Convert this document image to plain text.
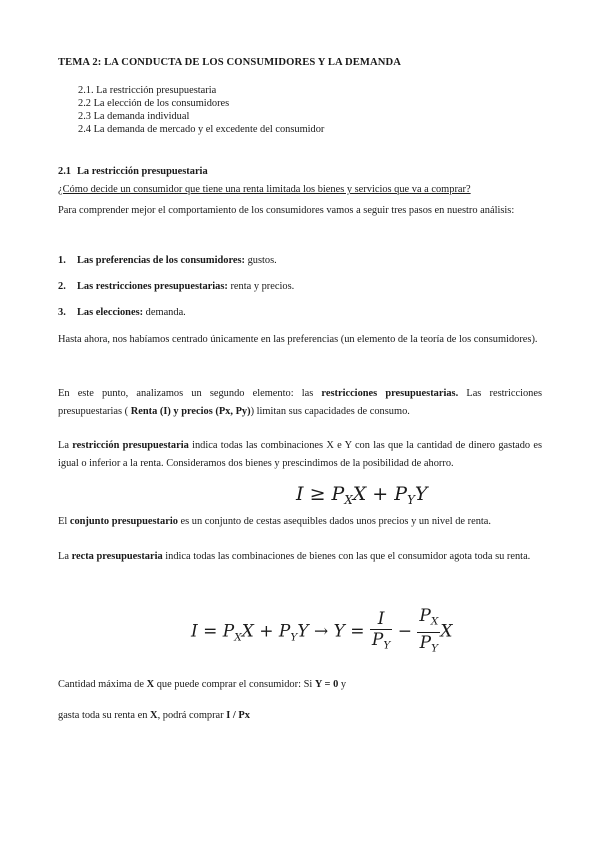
TEMA 2: LA CONDUCTA DE LOS CONSUMIDORES Y LA DEMANDA
2.1. La restricción presupuestaria
2.2 La elección de los consumidores
2.3 La demanda individual
2.4 La demanda de mercado y el excedente del consumidor
2.1 La restricción presupuestaria
¿Cómo decide un consumidor que tiene una renta limitada los bienes y servicios que va a comprar?

Para comprender mejor el comportamiento de los consumidores vamos a seguir tres pasos en nuestro análisis:

1. Las preferencias de los consumidores: gustos.
2. Las restricciones presupuestarias: renta y precios.
3. Las elecciones: demanda.

Hasta ahora, nos habíamos centrado únicamente en las preferencias (un elemento de la teoría de los consumidores).

En este punto, analizamos un segundo elemento: las restricciones presupuestarias. Las restricciones presupuestarias ( Renta (I) y precios (Px, Py)) limitan sus capacidades de consumo.

La restricción presupuestaria indica todas las combinaciones X e Y con las que la cantidad de dinero gastado es igual o inferior a la renta. Consideramos dos bienes y prescindimos de la posibilidad de ahorro.

$I \ge P_XX + P_YY$

El conjunto presupuestario es un conjunto de cestas asequibles dados unos precios y un nivel de renta.

La recta presupuestaria indica todas las combinaciones de bienes con las que el consumidor agota toda su renta.

$I = P_XX + P_YY \to Y = \frac{I}{P_Y} - \frac{P_X}{P_Y}$ X

Cantidad máxima de X que puede comprar el consumidor: Si Y = 0 y

gasta toda su renta en X, podrá comprar I / Px
